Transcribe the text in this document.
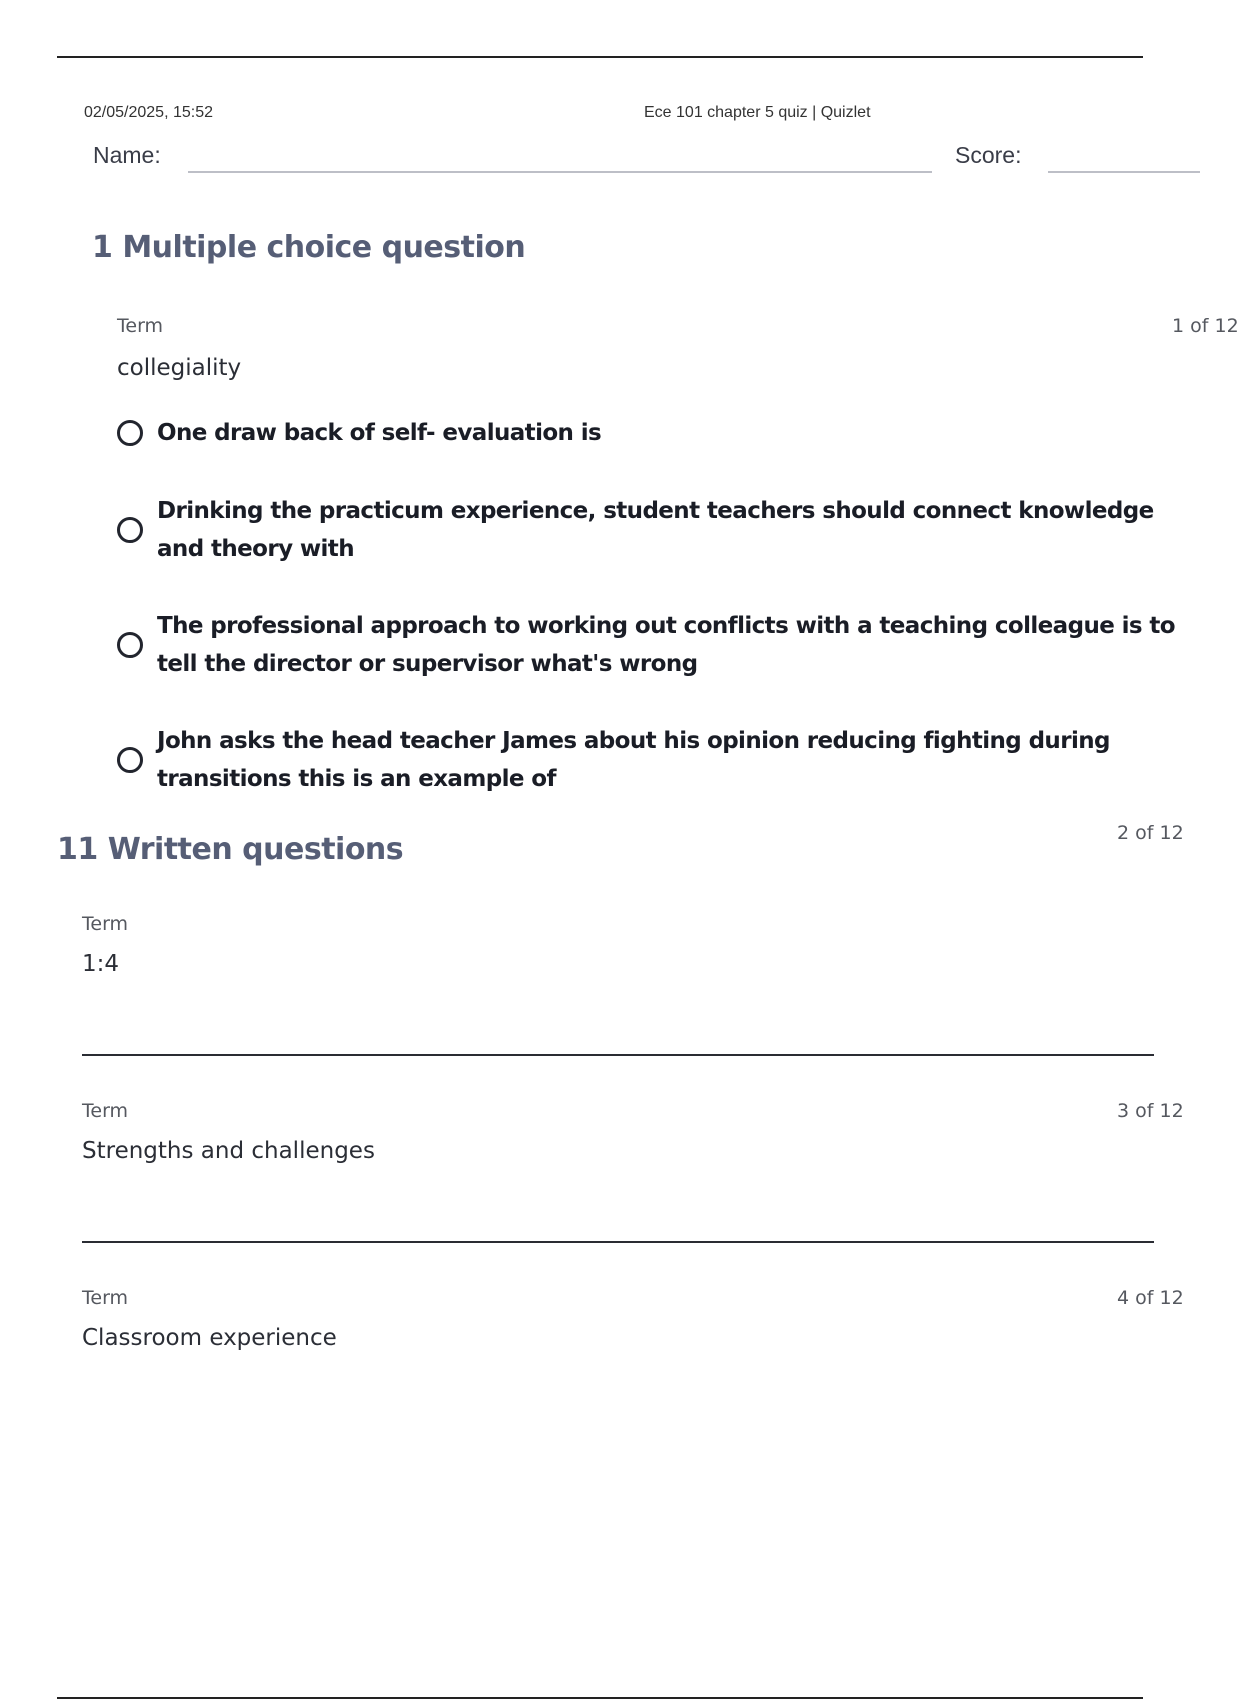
02/05/2025, 15:52	Ece 101 chapter 5 quiz | Quizlet
Name:	Score:
1 Multiple choice question
Term	1 of 12
collegiality
One draw back of self- evaluation is
Drinking the practicum experience, student teachers should connect knowledge and theory with
The professional approach to working out conflicts with a teaching colleague is to tell the director or supervisor what's wrong
John asks the head teacher James about his opinion reducing fighting during transitions this is an example of
11 Written questions	2 of 12
Term
1:4
Term	3 of 12
Strengths and challenges
Term	4 of 12
Classroom experience
